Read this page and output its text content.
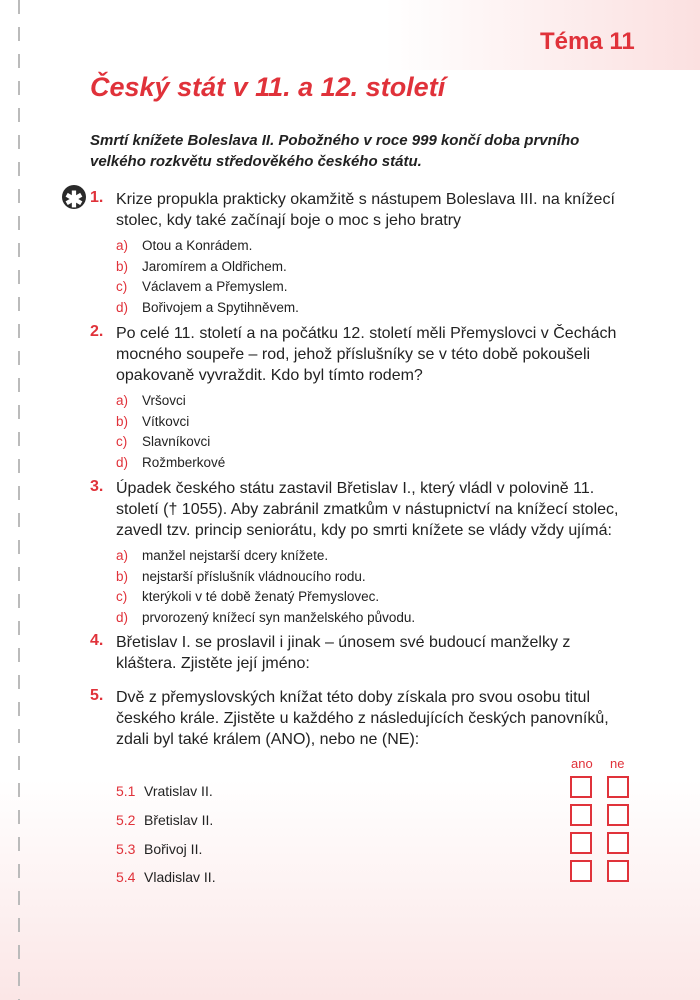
Téma 11
Český stát v 11. a 12. století

Smrtí knížete Boleslava II. Pobožného v roce 999 končí doba prvního velkého rozkvětu středověkého českého státu.

✱ 1. Krize propukla prakticky okamžitě s nástupem Boleslava III. na knížecí stolec, kdy také začínají boje o moc s jeho bratry
a) Otou a Konrádem.
b) Jaromírem a Oldřichem.
c) Václavem a Přemyslem.
d) Bořivojem a Spytihněvem.
2. Po celé 11. století a na počátku 12. století měli Přemyslovci v Čechách mocného soupeře – rod, jehož příslušníky se v této době pokoušeli opakovaně vyvraždit. Kdo byl tímto rodem?
a) Vršovci
b) Vítkovci
c) Slavníkovci
d) Rožmberkové
3. Úpadek českého státu zastavil Břetislav I., který vládl v polovině 11. století († 1055). Aby zabránil zmatkům v nástupnictví na knížecí stolec, zavedl tzv. princip seniorátu, kdy po smrti knížete se vlády vždy ujímá:
a) manžel nejstarší dcery knížete.
b) nejstarší příslušník vládnoucího rodu.
c) kterýkoli v té době ženatý Přemyslovec.
d) prvorozený knížecí syn manželského původu.
4. Břetislav I. se proslavil i jinak – únosem své budoucí manželky z kláštera. Zjistěte její jméno:
5. Dvě z přemyslovských knížat této doby získala pro svou osobu titul českého krále. Zjistěte u každého z následujících českých panovníků, zdali byl také králem (ANO), nebo ne (NE):
ano ne
5.1 Vratislav II.
5.2 Břetislav II.
5.3 Bořivoj II.
5.4 Vladislav II.
